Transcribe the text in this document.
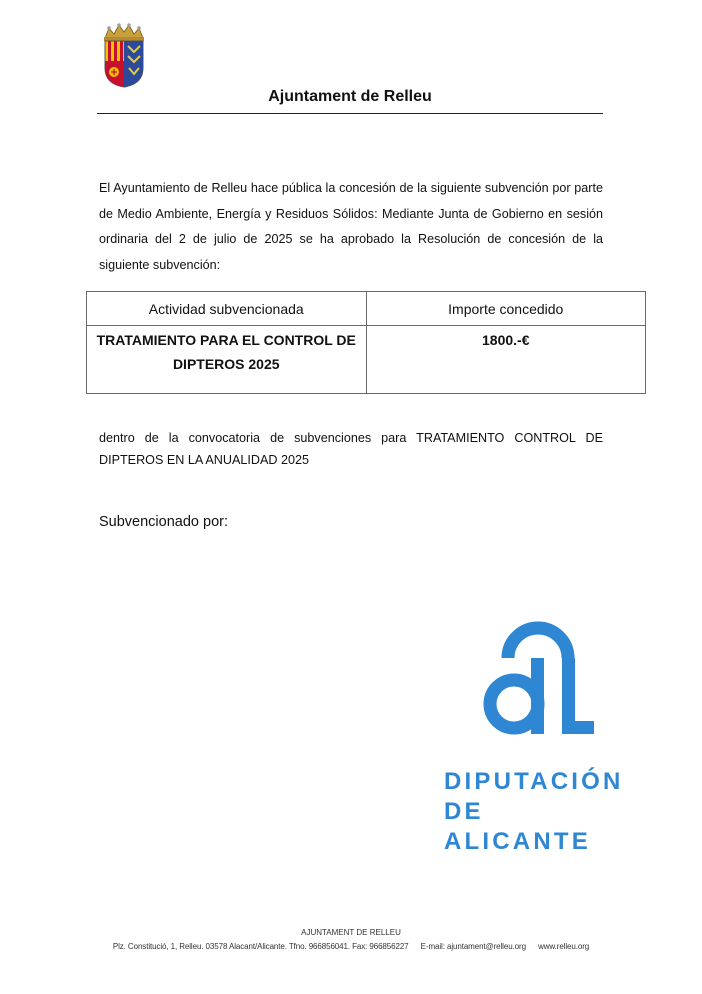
Ajuntament de Relleu

El Ayuntamiento de Relleu hace pública la concesión de la siguiente subvención por parte de Medio Ambiente, Energía y Residuos Sólidos: Mediante Junta de Gobierno en sesión ordinaria del 2 de julio de 2025 se ha aprobado la Resolución de concesión de la siguiente subvención:

Actividad subvencionada	Importe concedido
TRATAMIENTO PARA EL CONTROL DE DIPTEROS 2025	1800.-€

dentro de la convocatoria de subvenciones para TRATAMIENTO CONTROL DE DIPTEROS EN LA ANUALIDAD 2025

Subvencionado por:
DIPUTACIÓN
DE ALICANTE
AJUNTAMENT DE RELLEU
Plz. Constitució, 1, Relleu. 03578 Alacant/Alicante. Tfno. 966856041. Fax: 966856227 E-mail: ajuntament@relleu.org www.relleu.org
